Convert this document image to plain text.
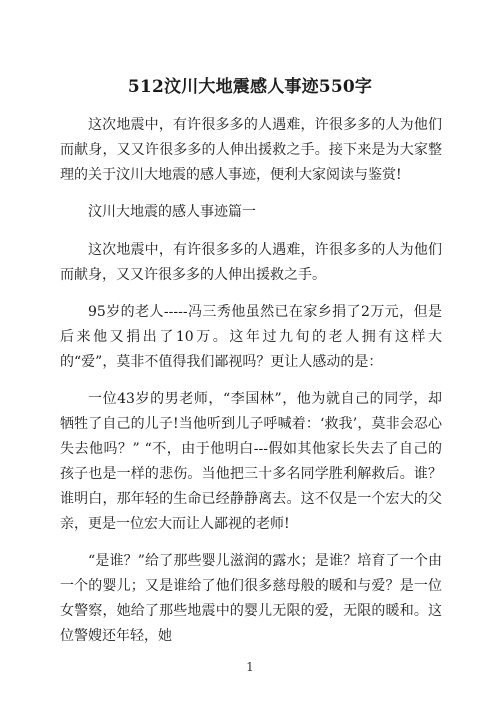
512汶川大地震感人事迹550字

这次地震中，有许很多多的人遇难，许很多多的人为他们而献身，又又许很多多的人伸出援救之手。接下来是为大家整理的关于汶川大地震的感人事迹，便利大家阅读与鉴赏!

汶川大地震的感人事迹篇一

这次地震中，有许很多多的人遇难，许很多多的人为他们而献身，又又许很多多的人伸出援救之手。

95岁的老人-----冯三秀他虽然已在家乡捐了2万元，但是后来他又捐出了10万。这年过九旬的老人拥有这样大的“爱”，莫非不值得我们鄙视吗？更让人感动的是：

一位43岁的男老师，“李国林”，他为就自己的同学，却牺牲了自己的儿子!当他听到儿子呼喊着：‘救我’，莫非会忍心失去他吗？” “不，由于他明白---假如其他家长失去了自己的孩子也是一样的悲伤。当他把三十多名同学胜利解救后。谁？谁明白，那年轻的生命已经静静离去。这不仅是一个宏大的父亲，更是一位宏大而让人鄙视的老师!

“是谁？”给了那些婴儿滋润的露水；是谁？培育了一个由一个的婴儿；又是谁给了他们很多慈母般的暖和与爱？是一位女警察，她给了那些地震中的婴儿无限的爱，无限的暖和。这位警嫂还年轻，她

1
